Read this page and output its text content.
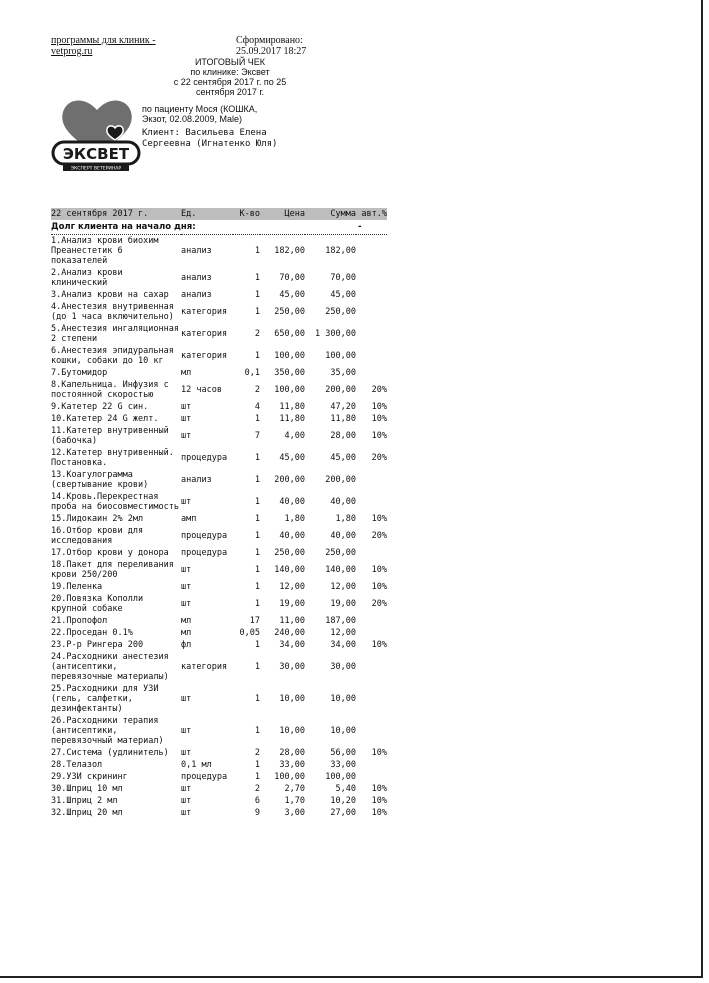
программы для клиник -
vetprog.ru
Сформировано:
25.09.2017 18:27
ИТОГОВЫЙ ЧЕК
по клинике: Эксвет
с 22 сентября 2017 г. по 25
сентября 2017 г.
ЭКСВЕТ
ЭКСПЕРТ ВЕТЕРИНАР
по пациенту Мося (КОШКА,
Экзот, 02.08.2009, Male)
Клиент: Васильева Елена
Сергеевна (Игнатенко Юля)
22 сентября 2017 г.	Ед.	К-во	Цена	Сумма	авт.%
Долг клиента на начало дня:					-
1.Анализ крови биохим Преанестетик 6 показателей	анализ	1	182,00	182,00	
2.Анализ крови клинический	анализ	1	70,00	70,00	
3.Анализ крови на сахар	анализ	1	45,00	45,00	
4.Анестезия внутривенная (до 1 часа включительно)	категория	1	250,00	250,00	
5.Анестезия ингаляционная 2 степени	категория	2	650,00	1 300,00	
6.Анестезия эпидуральная кошки, собаки до 10 кг	категория	1	100,00	100,00	
7.Бутомидор	мл	0,1	350,00	35,00	
8.Капельница. Инфузия с постоянной скоростью	12 часов	2	100,00	200,00	20%
9.Катетер 22 G син.	шт	4	11,80	47,20	10%
10.Катетер 24 G желт.	шт	1	11,80	11,80	10%
11.Катетер внутривенный (бабочка)	шт	7	4,00	28,00	10%
12.Катетер внутривенный. Постановка.	процедура	1	45,00	45,00	20%
13.Коагулограмма (свертывание крови)	анализ	1	200,00	200,00	
14.Кровь.Перекрестная проба на биосовместимость	шт	1	40,00	40,00	
15.Лидокаин 2% 2мл	амп	1	1,80	1,80	10%
16.Отбор крови для исследования	процедура	1	40,00	40,00	20%
17.Отбор крови у донора	процедура	1	250,00	250,00	
18.Пакет для переливания крови 250/200	шт	1	140,00	140,00	10%
19.Пеленка	шт	1	12,00	12,00	10%
20.Повязка Кополли крупной собаке	шт	1	19,00	19,00	20%
21.Пропофол	мл	17	11,00	187,00	
22.Проседан 0.1%	мл	0,05	240,00	12,00	
23.Р-р Рингера 200	фл	1	34,00	34,00	10%
24.Расходники анестезия (антисептики, перевязочные материалы)	категория	1	30,00	30,00	
25.Расходники для УЗИ (гель, салфетки, дезинфектанты)	шт	1	10,00	10,00	
26.Расходники терапия (антисептики, перевязочный материал)	шт	1	10,00	10,00	
27.Система (удлинитель)	шт	2	28,00	56,00	10%
28.Телазол	0,1 мл	1	33,00	33,00	
29.УЗИ скрининг	процедура	1	100,00	100,00	
30.Шприц 10 мл	шт	2	2,70	5,40	10%
31.Шприц 2 мл	шт	6	1,70	10,20	10%
32.Шприц 20 мл	шт	9	3,00	27,00	10%
